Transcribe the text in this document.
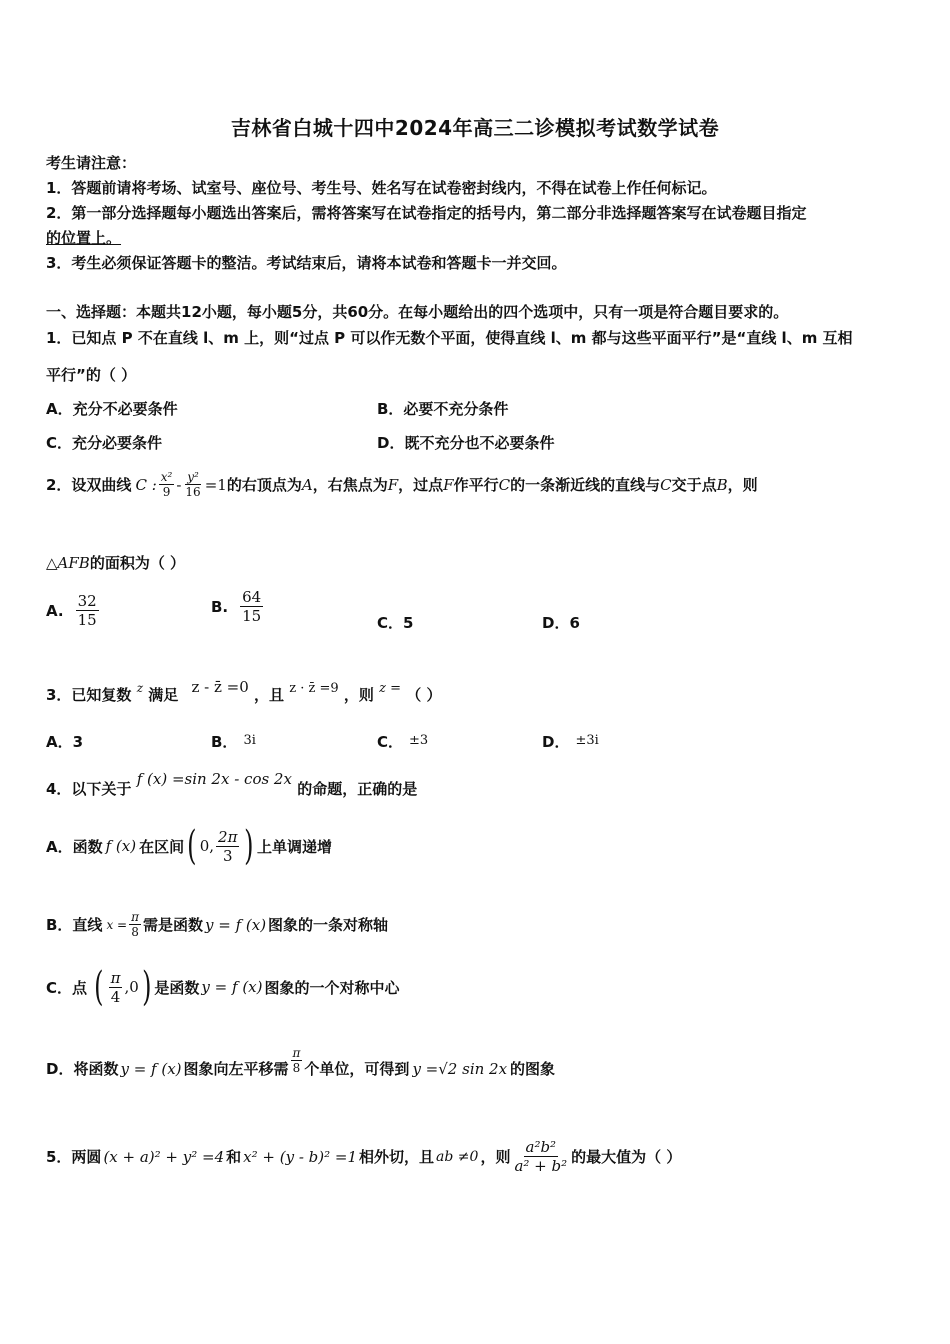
吉林省白城十四中2024年高三二诊模拟考试数学试卷
考生请注意：
1．答题前请将考场、试室号、座位号、考生号、姓名写在试卷密封线内，不得在试卷上作任何标记。
2．第一部分选择题每小题选出答案后，需将答案写在试卷指定的括号内，第二部分非选择题答案写在试卷题目指定
的位置上。
3．考生必须保证答题卡的整洁。考试结束后，请将本试卷和答题卡一并交回。
一、选择题：本题共12小题，每小题5分，共60分。在每小题给出的四个选项中，只有一项是符合题目要求的。
1．已知点 P 不在直线 l、m 上，则“过点 P 可以作无数个平面，使得直线 l、m 都与这些平面平行”是“直线 l、m 互相
平行”的（ ）
A．充分不必要条件	B．必要不充分条件
C．充分必要条件	D．既不充分也不必要条件
2．设双曲线 C : $\frac{\text{x²}}{9} - \frac{\text{y²}}{16} =1$ 的右顶点为 A ，右焦点为 F ，过点 F 作平行 C 的一条渐近线的直线与 C 交于点 B ，则
△AFB的面积为（ ）
A. $\frac{32}{15}$	B. $\frac{64}{15}$	C．5	D．6
3．已知复数 $^z$ 满足 z - z̄ =0 ，且 z · z̄ =9 ，则 z = （ ）
A．3	B． 3i	C． ±3	D． ±3i
4．以下关于 f (x) =sin 2x - cos 2x 的命题，正确的是
A．函数 f (x) 在区间 ( 0, $\frac{2\pi}{3}$ ) 上单调递增
B．直线 $x = \frac{\pi}{8}$ 需是函数 y = f (x) 图象的一条对称轴
C．点 ( $\frac{\pi}{4} ,0$ ) 是函数 y = f (x) 图象的一个对称中心
D．将函数 y = f (x) 图象向左平移需 $\frac{\pi}{8}$ 个单位，可得到 y =√2 sin 2x 的图象
5．两圆 (x + a)² + y² =4 和 x² + (y - b)² =1 相外切，且 ab ≠0 ，则 $\frac{\text{a²b²}}{\text{a² + b²}}$ 的最大值为（ ）
